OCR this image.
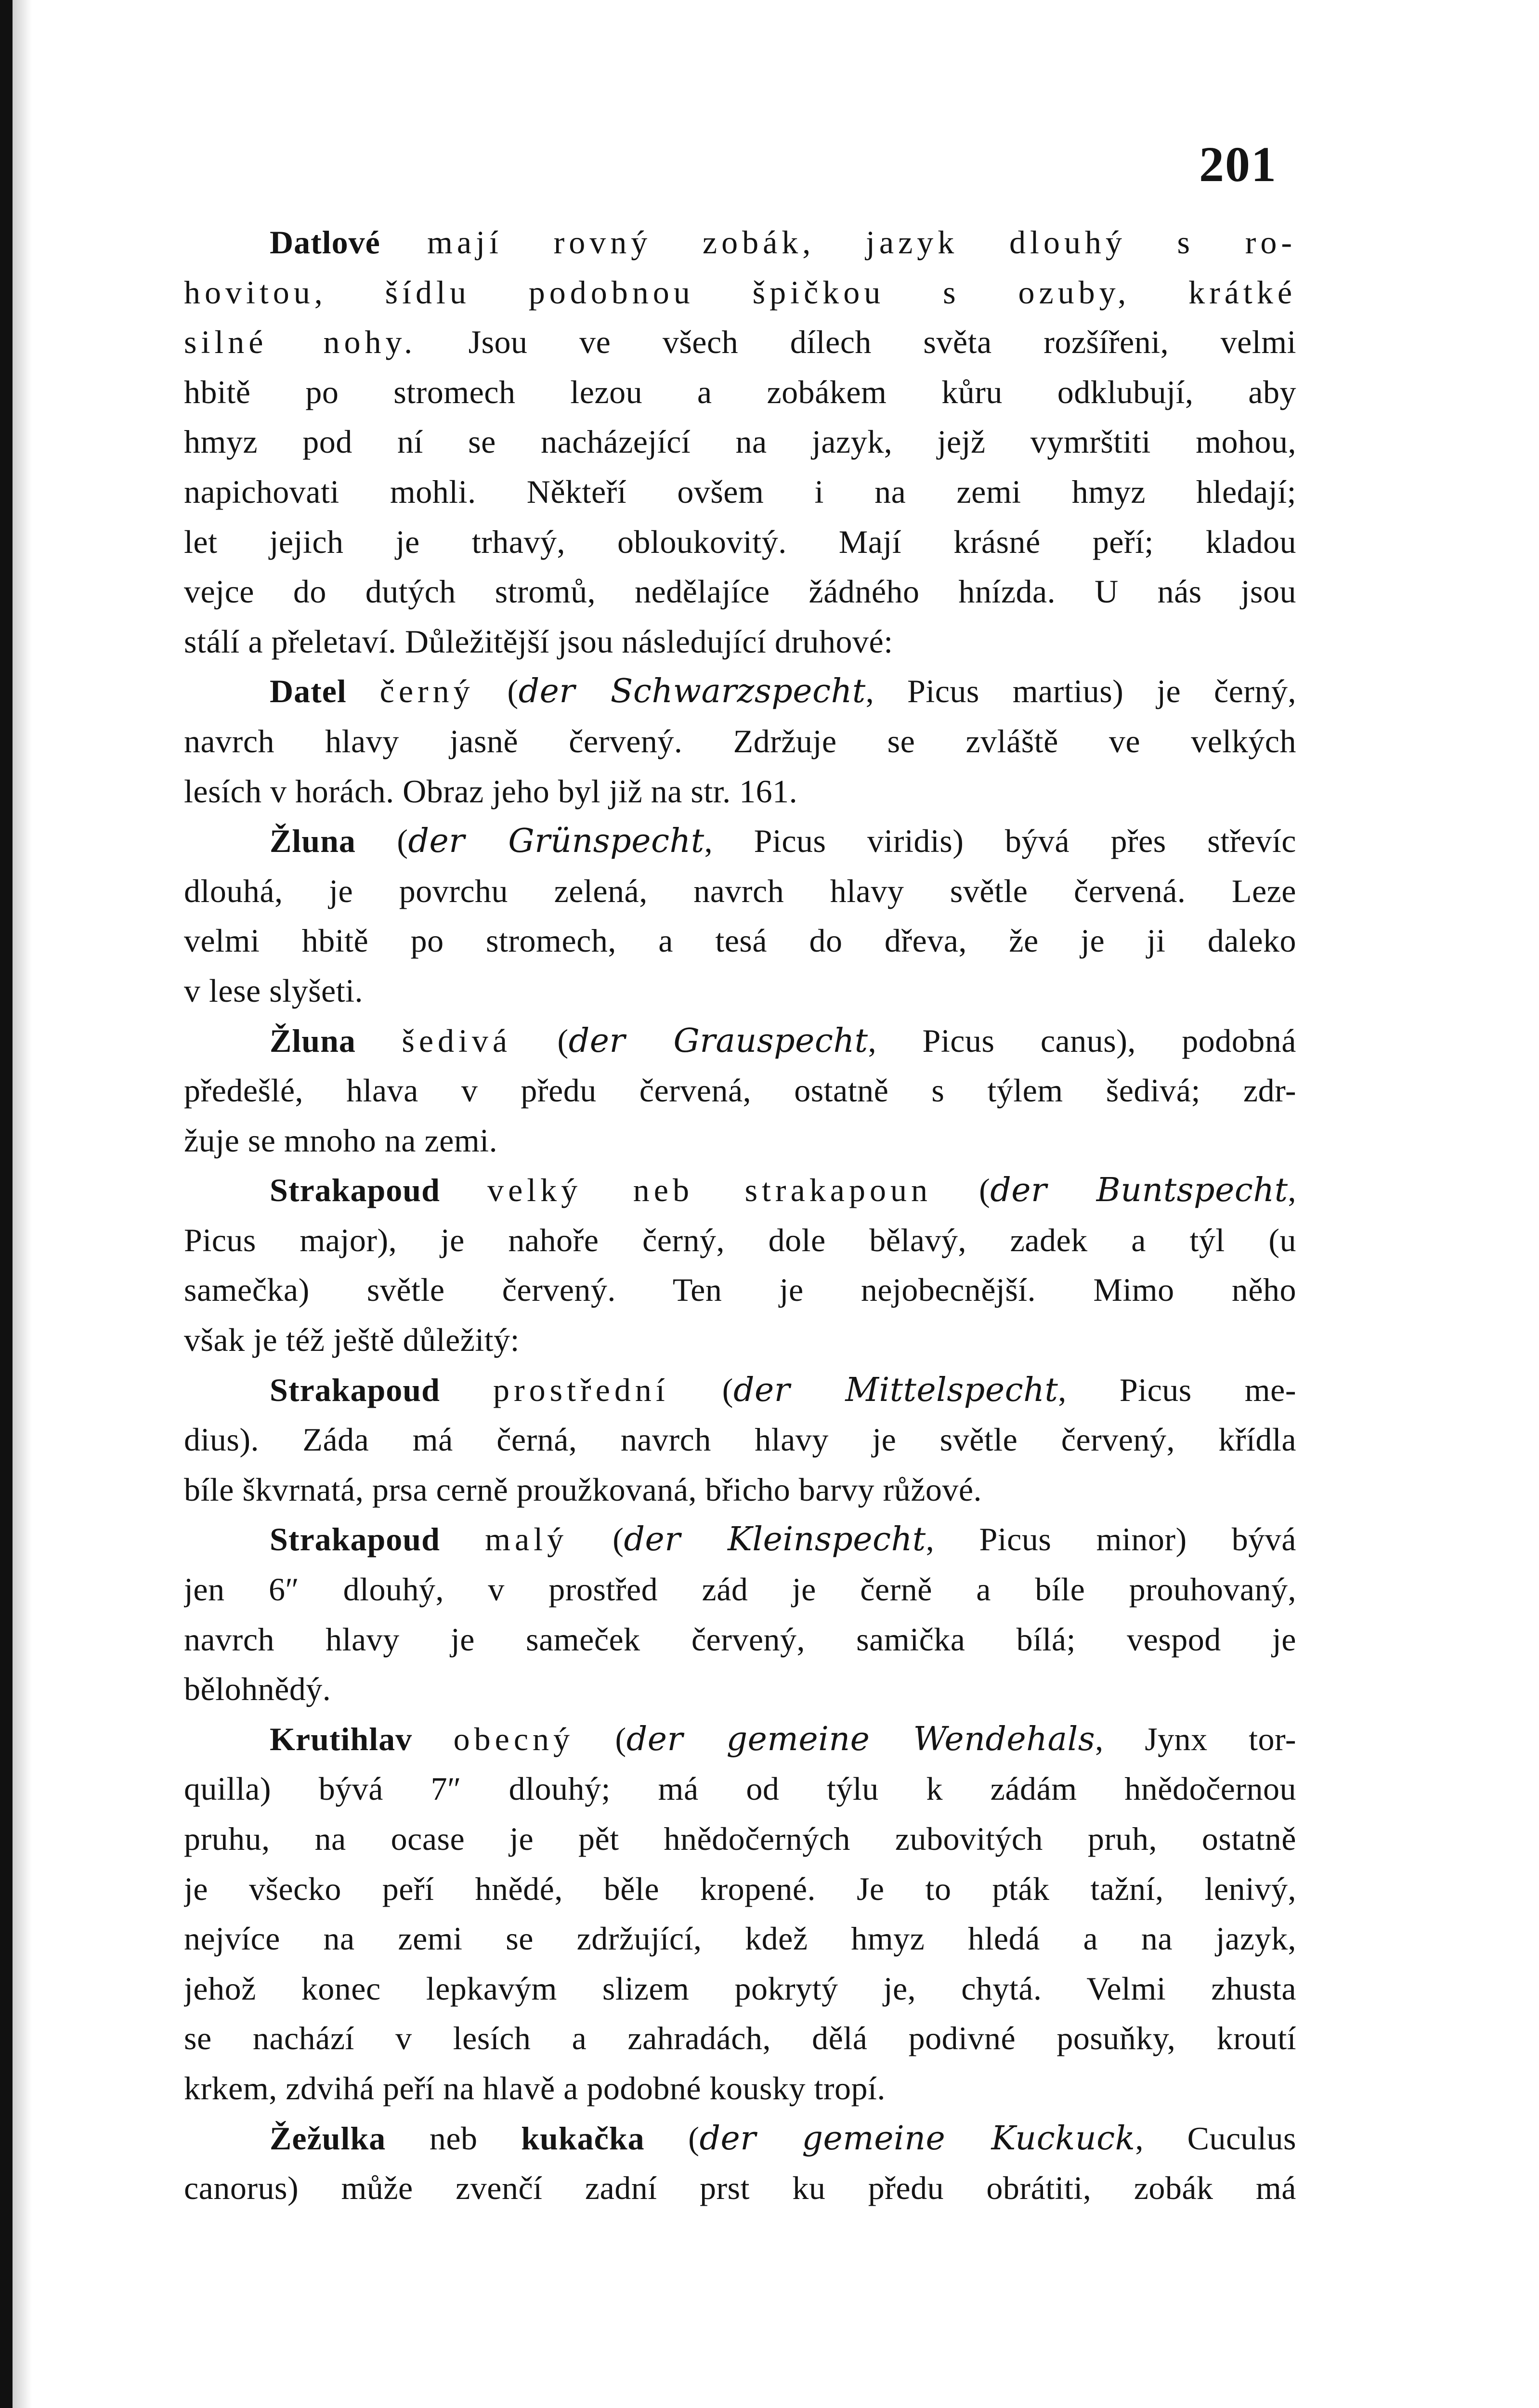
201
Datlové mají rovný zobák, jazyk dlouhý s ro-
hovitou, šídlu podobnou špičkou s ozuby, krátké
silné nohy. Jsou ve všech dílech světa rozšířeni, velmi
hbitě po stromech lezou a zobákem kůru odklubují, aby
hmyz pod ní se nacházející na jazyk, jejž vymrštiti mohou,
napichovati mohli. Někteří ovšem i na zemi hmyz hledají;
let jejich je trhavý, obloukovitý. Mají krásné peří; kladou
vejce do dutých stromů, nedělajíce žádného hnízda. U nás jsou
stálí a přeletaví. Důležitější jsou následující druhové:
Datel černý (der Schwarzspecht, Picus martius) je černý,
navrch hlavy jasně červený. Zdržuje se zvláště ve velkých
lesích v horách. Obraz jeho byl již na str. 161.
Žluna (der Grünspecht, Picus viridis) bývá přes střevíc
dlouhá, je povrchu zelená, navrch hlavy světle červená. Leze
velmi hbitě po stromech, a tesá do dřeva, že je ji daleko
v lese slyšeti.
Žluna šedivá (der Grauspecht, Picus canus), podobná
předešlé, hlava v předu červená, ostatně s týlem šedivá; zdr-
žuje se mnoho na zemi.
Strakapoud velký neb strakapoun (der Buntspecht,
Picus major), je nahoře černý, dole bělavý, zadek a týl (u
samečka) světle červený. Ten je nejobecnější. Mimo něho
však je též ještě důležitý:
Strakapoud prostřední (der Mittelspecht, Picus me-
dius). Záda má černá, navrch hlavy je světle červený, křídla
bíle škvrnatá, prsa cerně proužkovaná, břicho barvy růžové.
Strakapoud malý (der Kleinspecht, Picus minor) bývá
jen 6″ dlouhý, v prostřed zád je černě a bíle prouhovaný,
navrch hlavy je sameček červený, samička bílá; vespod je
bělohnědý.
Krutihlav obecný (der gemeine Wendehals, Jynx tor-
quilla) bývá 7″ dlouhý; má od týlu k zádám hnědočernou
pruhu, na ocase je pět hnědočerných zubovitých pruh, ostatně
je všecko peří hnědé, běle kropené. Je to pták tažní, lenivý,
nejvíce na zemi se zdržující, kdež hmyz hledá a na jazyk,
jehož konec lepkavým slizem pokrytý je, chytá. Velmi zhusta
se nachází v lesích a zahradách, dělá podivné posuňky, kroutí
krkem, zdvihá peří na hlavě a podobné kousky tropí.
Žežulka neb kukačka (der gemeine Kuckuck, Cuculus
canorus) může zvenčí zadní prst ku předu obrátiti, zobák má
